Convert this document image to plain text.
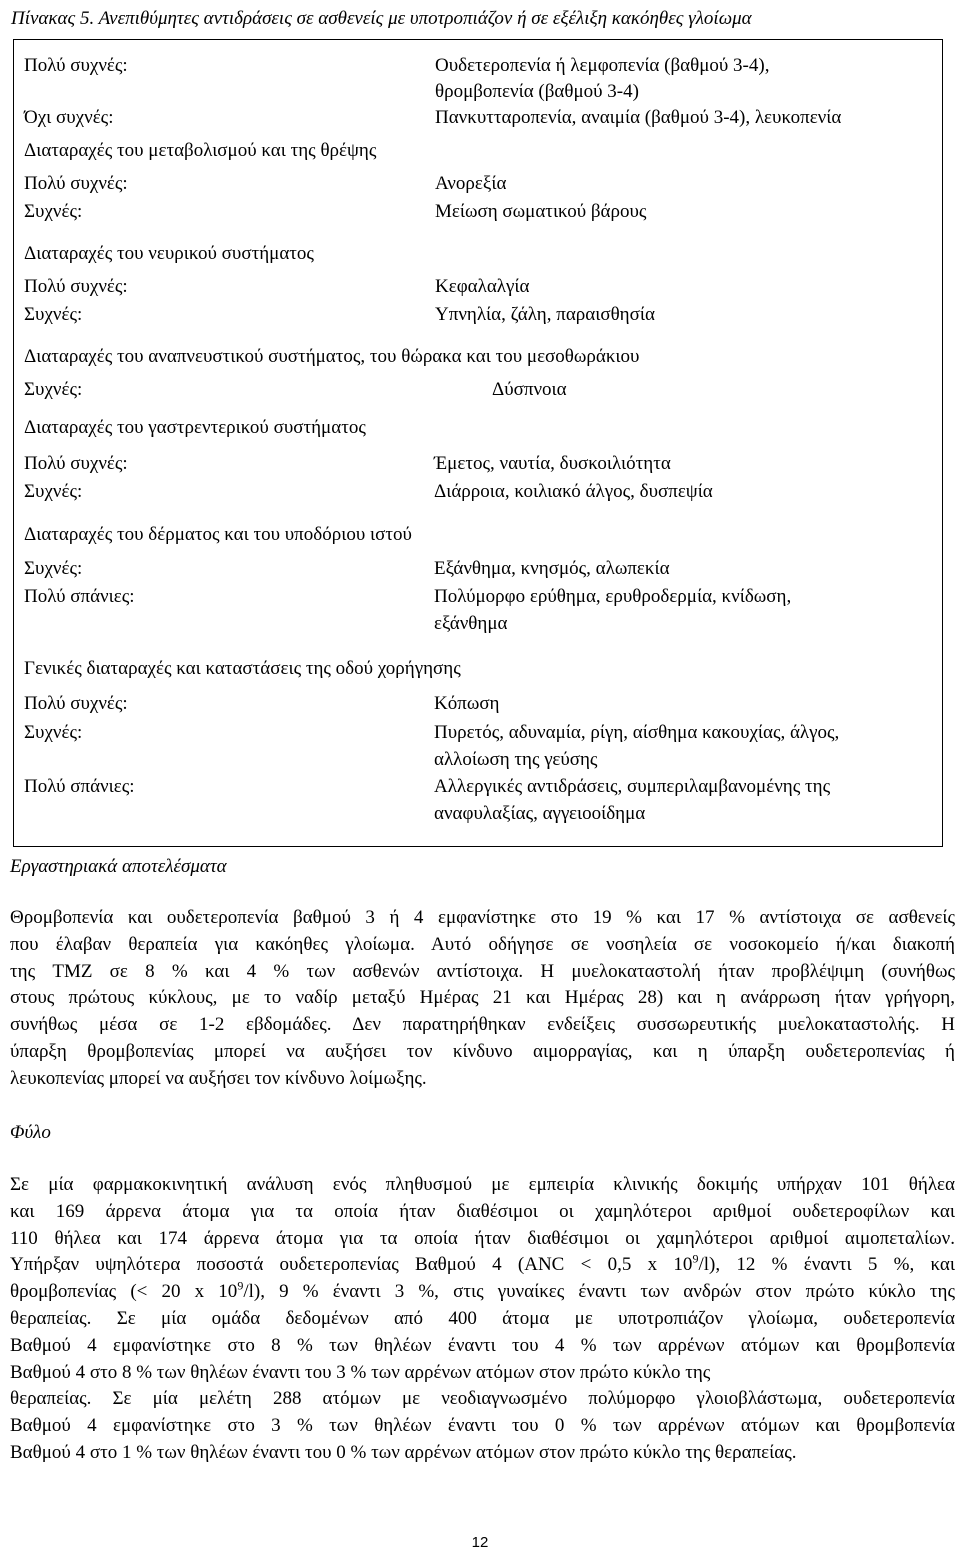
Πίνακας 5. Ανεπιθύμητες αντιδράσεις σε ασθενείς με υποτροπιάζον ή σε εξέλιξη κακόηθες γλοίωμα
Πολύ συχνές:	Ουδετεροπενία ή λεμφοπενία (βαθμού 3-4),
θρομβοπενία (βαθμού 3-4)
Όχι συχνές:	Πανκυτταροπενία, αναιμία (βαθμού 3-4), λευκοπενία
Διαταραχές του μεταβολισμού και της θρέψης
Πολύ συχνές:	Ανορεξία
Συχνές:	Μείωση σωματικού βάρους
Διαταραχές του νευρικού συστήματος
Πολύ συχνές:	Κεφαλαλγία
Συχνές:	Υπνηλία, ζάλη, παραισθησία
Διαταραχές του αναπνευστικού συστήματος, του θώρακα και του μεσοθωράκιου
Συχνές:	Δύσπνοια
Διαταραχές του γαστρεντερικού συστήματος
Πολύ συχνές:	Έμετος, ναυτία, δυσκοιλιότητα
Συχνές:	Διάρροια, κοιλιακό άλγος, δυσπεψία
Διαταραχές του δέρματος και του υποδόριου ιστού
Συχνές:	Εξάνθημα, κνησμός, αλωπεκία
Πολύ σπάνιες:	Πολύμορφο ερύθημα, ερυθροδερμία, κνίδωση,
εξάνθημα
Γενικές διαταραχές και καταστάσεις της οδού χορήγησης
Πολύ συχνές:	Κόπωση
Συχνές:	Πυρετός, αδυναμία, ρίγη, αίσθημα κακουχίας, άλγος,
αλλοίωση της γεύσης
Πολύ σπάνιες:	Αλλεργικές αντιδράσεις, συμπεριλαμβανομένης της
αναφυλαξίας, αγγειοοίδημα
Εργαστηριακά αποτελέσματα
Θρομβοπενία και ουδετεροπενία βαθμού 3 ή 4 εμφανίστηκε στο 19 % και 17 % αντίστοιχα σε ασθενείς
που έλαβαν θεραπεία για κακόηθες γλοίωμα. Αυτό οδήγησε σε νοσηλεία σε νοσοκομείο ή/και διακοπή
της TMZ σε 8 % και 4 % των ασθενών αντίστοιχα. Η μυελοκαταστολή ήταν προβλέψιμη (συνήθως
στους πρώτους κύκλους, με το ναδίρ μεταξύ Ημέρας 21 και Ημέρας 28) και η ανάρρωση ήταν γρήγορη,
συνήθως μέσα σε 1-2 εβδομάδες. Δεν παρατηρήθηκαν ενδείξεις συσσωρευτικής μυελοκαταστολής. Η
ύπαρξη θρομβοπενίας μπορεί να αυξήσει τον κίνδυνο αιμορραγίας, και η ύπαρξη ουδετεροπενίας ή
λευκοπενίας μπορεί να αυξήσει τον κίνδυνο λοίμωξης.
Φύλο
Σε μία φαρμακοκινητική ανάλυση ενός πληθυσμού με εμπειρία κλινικής δοκιμής υπήρχαν 101 θήλεα
και 169 άρρενα άτομα για τα οποία ήταν διαθέσιμοι οι χαμηλότεροι αριθμοί ουδετεροφίλων και
110 θήλεα και 174 άρρενα άτομα για τα οποία ήταν διαθέσιμοι οι χαμηλότεροι αριθμοί αιμοπεταλίων.
Υπήρξαν υψηλότερα ποσοστά ουδετεροπενίας Βαθμού 4 (ANC < 0,5 x $10^9/l$), 12 % έναντι 5 %, και
θρομβοπενίας (< 20 x $10^9/l$), 9 % έναντι 3 %, στις γυναίκες έναντι των ανδρών στον πρώτο κύκλο της
θεραπείας. Σε μία ομάδα δεδομένων από 400 άτομα με υποτροπιάζον γλοίωμα, ουδετεροπενία
Βαθμού 4 εμφανίστηκε στο 8 % των θηλέων έναντι του 4 % των αρρένων ατόμων και θρομβοπενία
Βαθμού 4 στο 8 % των θηλέων έναντι του 3 % των αρρένων ατόμων στον πρώτο κύκλο της
θεραπείας. Σε μία μελέτη 288 ατόμων με νεοδιαγνωσμένο πολύμορφο γλοιοβλάστωμα, ουδετεροπενία
Βαθμού 4 εμφανίστηκε στο 3 % των θηλέων έναντι του 0 % των αρρένων ατόμων και θρομβοπενία
Βαθμού 4 στο 1 % των θηλέων έναντι του 0 % των αρρένων ατόμων στον πρώτο κύκλο της θεραπείας.
12
